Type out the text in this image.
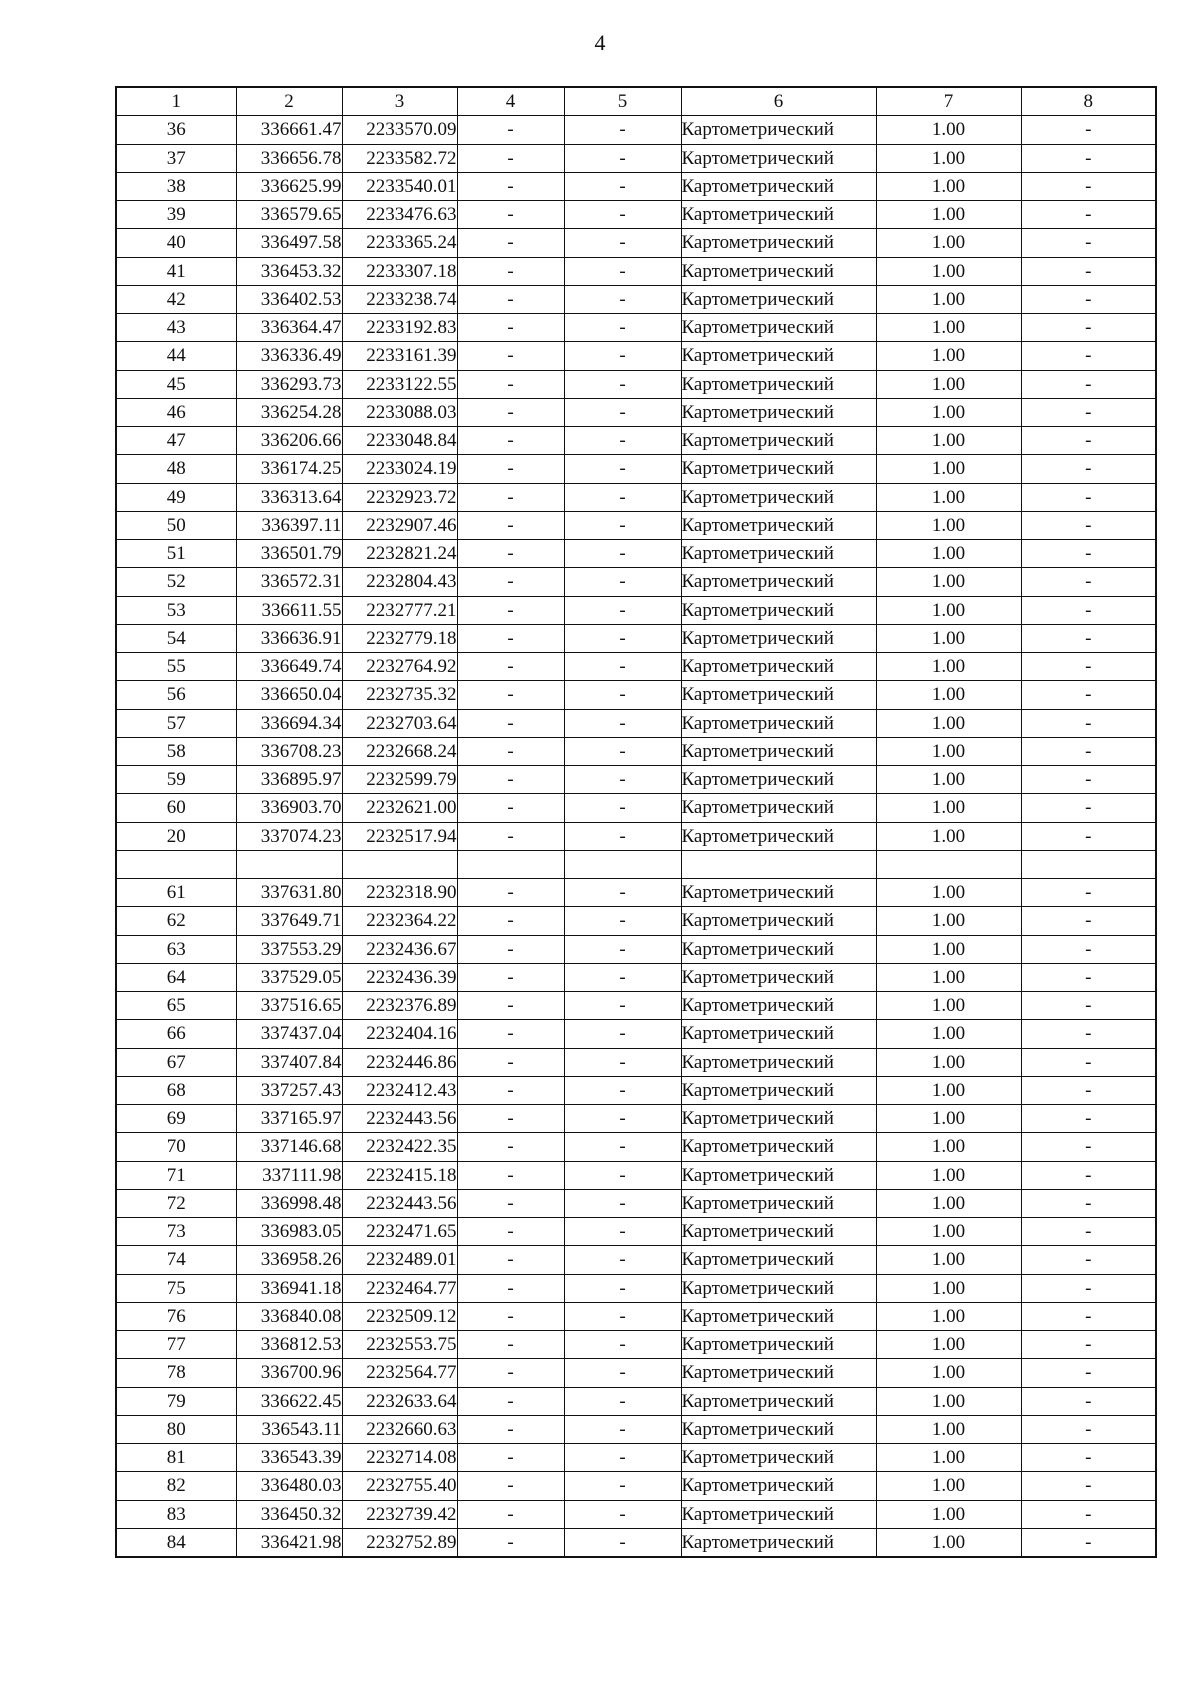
4
1	2	3	4	5	6	7	8
36	336661.47	2233570.09	-	-	Картометрический	1.00	-
37	336656.78	2233582.72	-	-	Картометрический	1.00	-
38	336625.99	2233540.01	-	-	Картометрический	1.00	-
39	336579.65	2233476.63	-	-	Картометрический	1.00	-
40	336497.58	2233365.24	-	-	Картометрический	1.00	-
41	336453.32	2233307.18	-	-	Картометрический	1.00	-
42	336402.53	2233238.74	-	-	Картометрический	1.00	-
43	336364.47	2233192.83	-	-	Картометрический	1.00	-
44	336336.49	2233161.39	-	-	Картометрический	1.00	-
45	336293.73	2233122.55	-	-	Картометрический	1.00	-
46	336254.28	2233088.03	-	-	Картометрический	1.00	-
47	336206.66	2233048.84	-	-	Картометрический	1.00	-
48	336174.25	2233024.19	-	-	Картометрический	1.00	-
49	336313.64	2232923.72	-	-	Картометрический	1.00	-
50	336397.11	2232907.46	-	-	Картометрический	1.00	-
51	336501.79	2232821.24	-	-	Картометрический	1.00	-
52	336572.31	2232804.43	-	-	Картометрический	1.00	-
53	336611.55	2232777.21	-	-	Картометрический	1.00	-
54	336636.91	2232779.18	-	-	Картометрический	1.00	-
55	336649.74	2232764.92	-	-	Картометрический	1.00	-
56	336650.04	2232735.32	-	-	Картометрический	1.00	-
57	336694.34	2232703.64	-	-	Картометрический	1.00	-
58	336708.23	2232668.24	-	-	Картометрический	1.00	-
59	336895.97	2232599.79	-	-	Картометрический	1.00	-
60	336903.70	2232621.00	-	-	Картометрический	1.00	-
20	337074.23	2232517.94	-	-	Картометрический	1.00	-

61	337631.80	2232318.90	-	-	Картометрический	1.00	-
62	337649.71	2232364.22	-	-	Картометрический	1.00	-
63	337553.29	2232436.67	-	-	Картометрический	1.00	-
64	337529.05	2232436.39	-	-	Картометрический	1.00	-
65	337516.65	2232376.89	-	-	Картометрический	1.00	-
66	337437.04	2232404.16	-	-	Картометрический	1.00	-
67	337407.84	2232446.86	-	-	Картометрический	1.00	-
68	337257.43	2232412.43	-	-	Картометрический	1.00	-
69	337165.97	2232443.56	-	-	Картометрический	1.00	-
70	337146.68	2232422.35	-	-	Картометрический	1.00	-
71	337111.98	2232415.18	-	-	Картометрический	1.00	-
72	336998.48	2232443.56	-	-	Картометрический	1.00	-
73	336983.05	2232471.65	-	-	Картометрический	1.00	-
74	336958.26	2232489.01	-	-	Картометрический	1.00	-
75	336941.18	2232464.77	-	-	Картометрический	1.00	-
76	336840.08	2232509.12	-	-	Картометрический	1.00	-
77	336812.53	2232553.75	-	-	Картометрический	1.00	-
78	336700.96	2232564.77	-	-	Картометрический	1.00	-
79	336622.45	2232633.64	-	-	Картометрический	1.00	-
80	336543.11	2232660.63	-	-	Картометрический	1.00	-
81	336543.39	2232714.08	-	-	Картометрический	1.00	-
82	336480.03	2232755.40	-	-	Картометрический	1.00	-
83	336450.32	2232739.42	-	-	Картометрический	1.00	-
84	336421.98	2232752.89	-	-	Картометрический	1.00	-
